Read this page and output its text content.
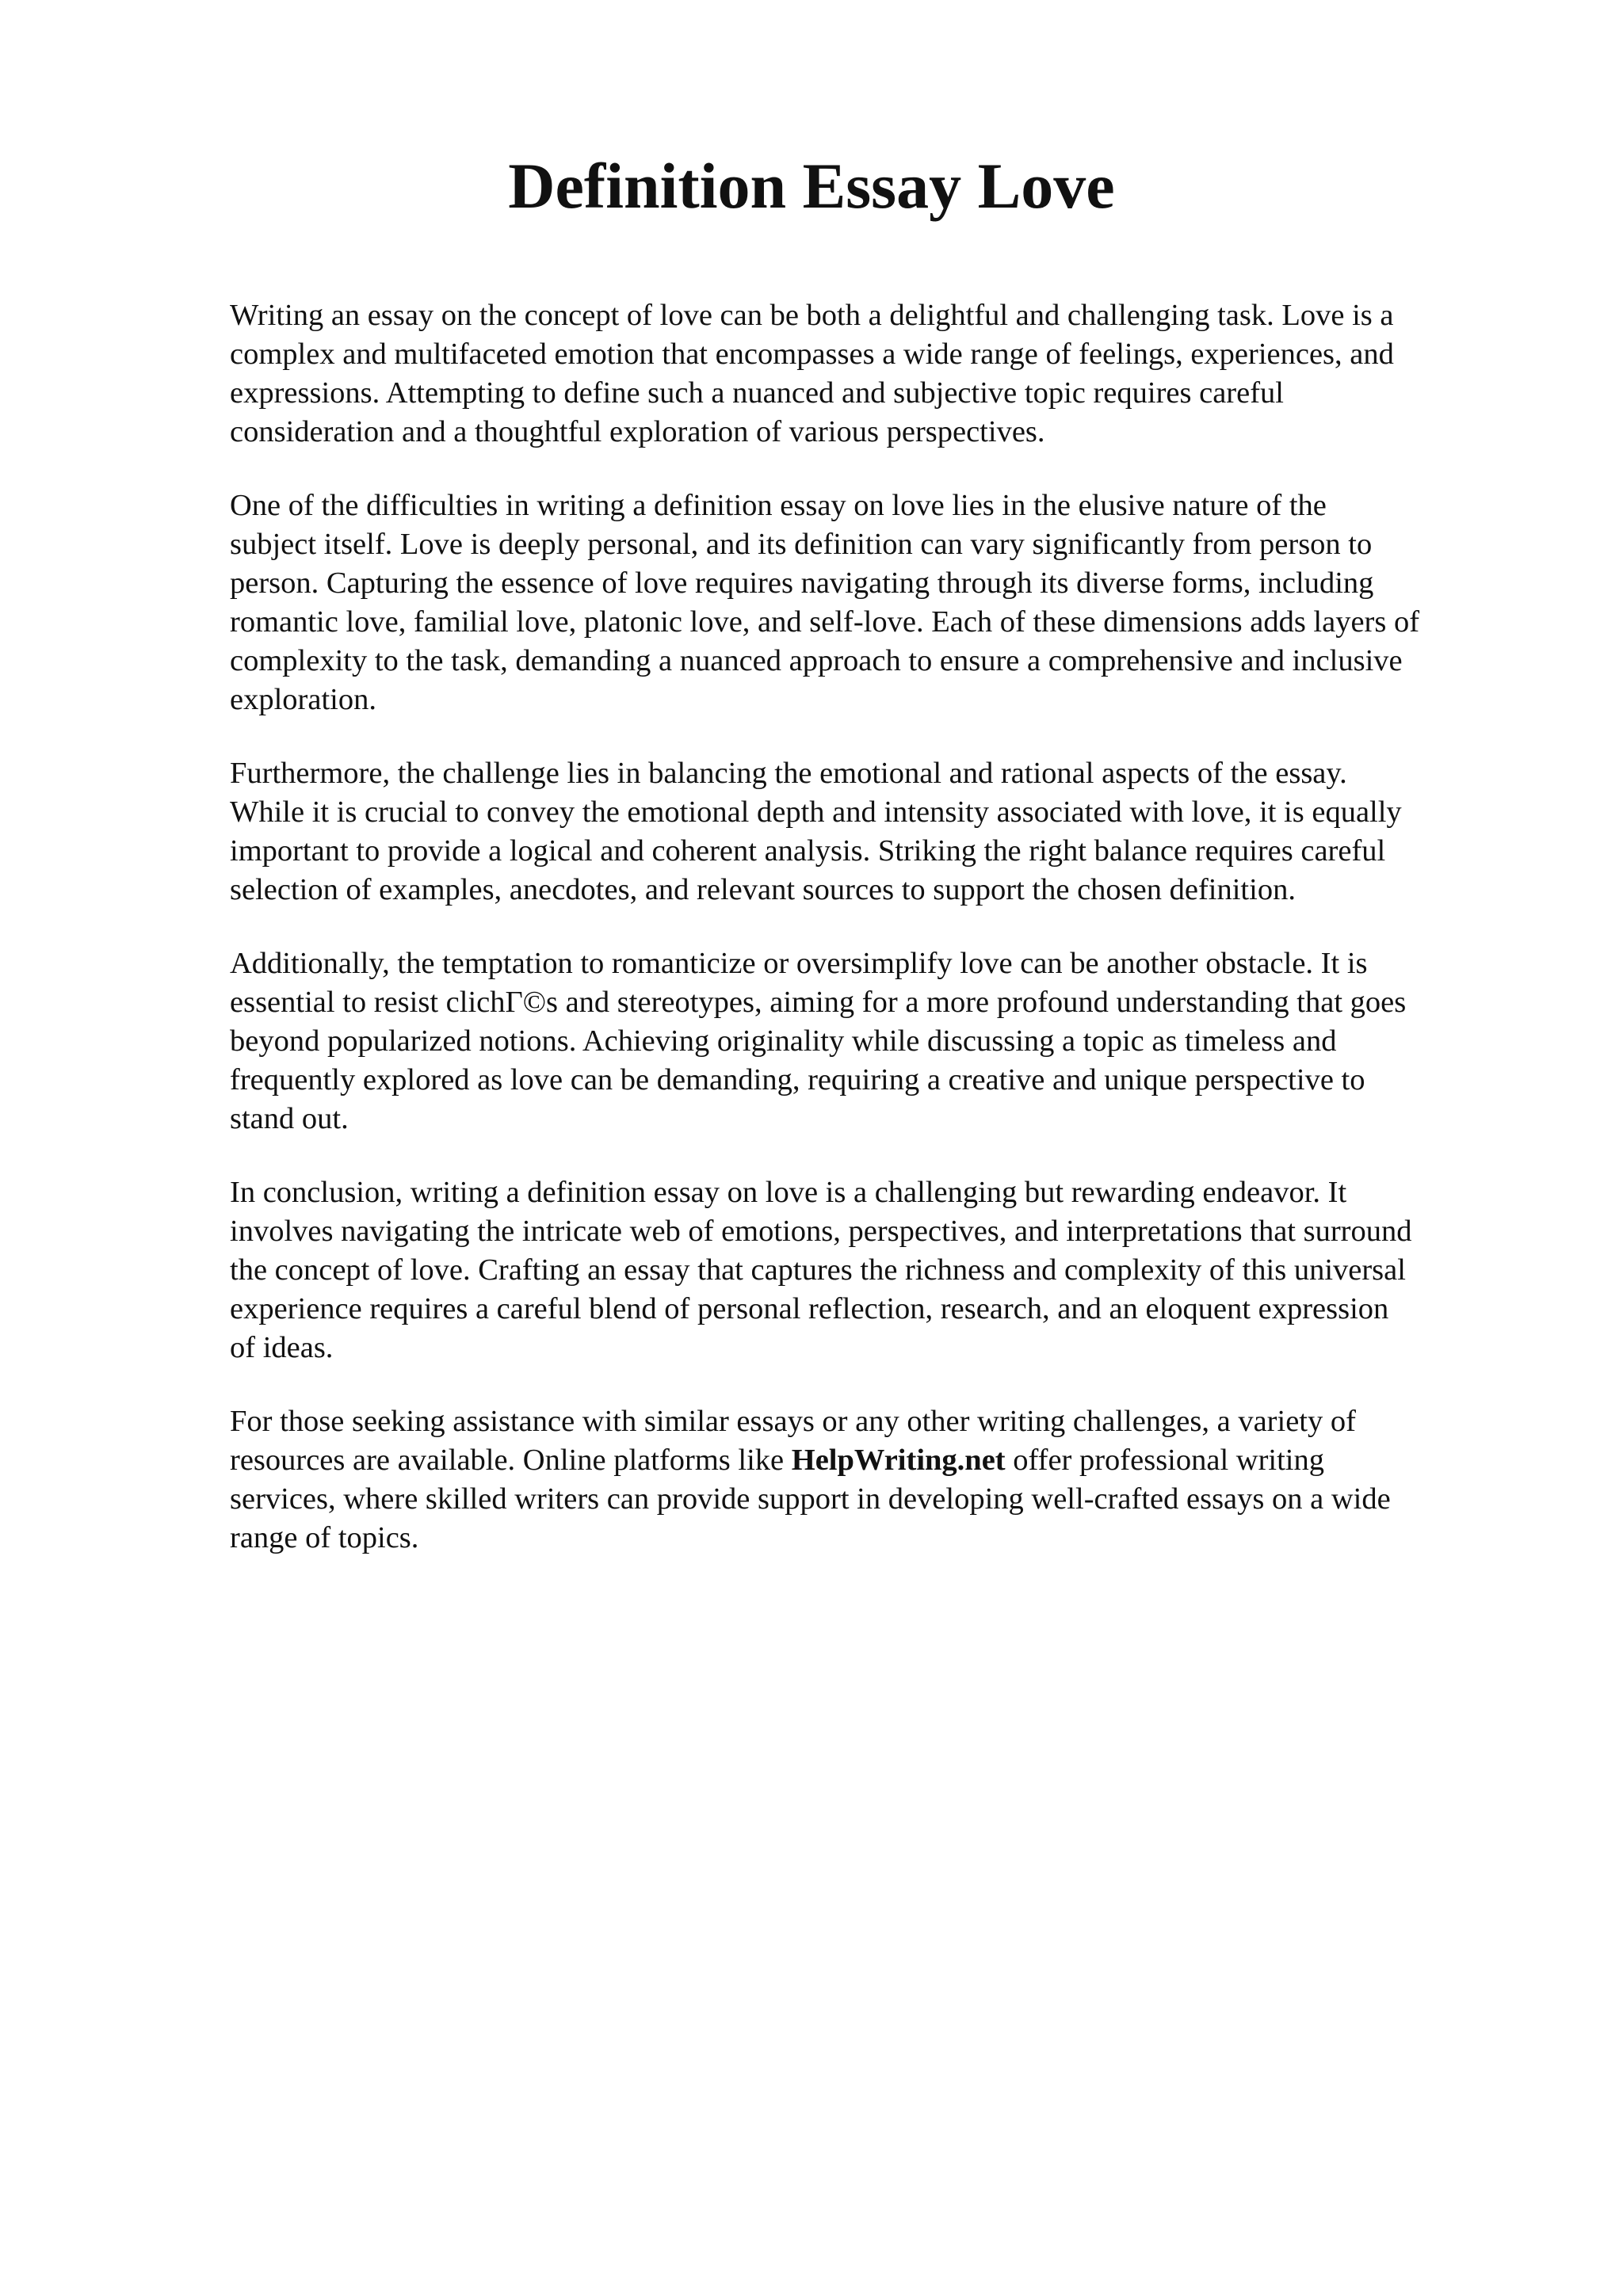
Definition Essay Love

Writing an essay on the concept of love can be both a delightful and challenging task. Love is a
complex and multifaceted emotion that encompasses a wide range of feelings, experiences, and
expressions. Attempting to define such a nuanced and subjective topic requires careful
consideration and a thoughtful exploration of various perspectives.

One of the difficulties in writing a definition essay on love lies in the elusive nature of the
subject itself. Love is deeply personal, and its definition can vary significantly from person to
person. Capturing the essence of love requires navigating through its diverse forms, including
romantic love, familial love, platonic love, and self-love. Each of these dimensions adds layers of
complexity to the task, demanding a nuanced approach to ensure a comprehensive and inclusive
exploration.

Furthermore, the challenge lies in balancing the emotional and rational aspects of the essay.
While it is crucial to convey the emotional depth and intensity associated with love, it is equally
important to provide a logical and coherent analysis. Striking the right balance requires careful
selection of examples, anecdotes, and relevant sources to support the chosen definition.

Additionally, the temptation to romanticize or oversimplify love can be another obstacle. It is
essential to resist clichΓ©s and stereotypes, aiming for a more profound understanding that goes
beyond popularized notions. Achieving originality while discussing a topic as timeless and
frequently explored as love can be demanding, requiring a creative and unique perspective to
stand out.

In conclusion, writing a definition essay on love is a challenging but rewarding endeavor. It
involves navigating the intricate web of emotions, perspectives, and interpretations that surround
the concept of love. Crafting an essay that captures the richness and complexity of this universal
experience requires a careful blend of personal reflection, research, and an eloquent expression
of ideas.

For those seeking assistance with similar essays or any other writing challenges, a variety of
resources are available. Online platforms like HelpWriting.net offer professional writing
services, where skilled writers can provide support in developing well-crafted essays on a wide
range of topics.
